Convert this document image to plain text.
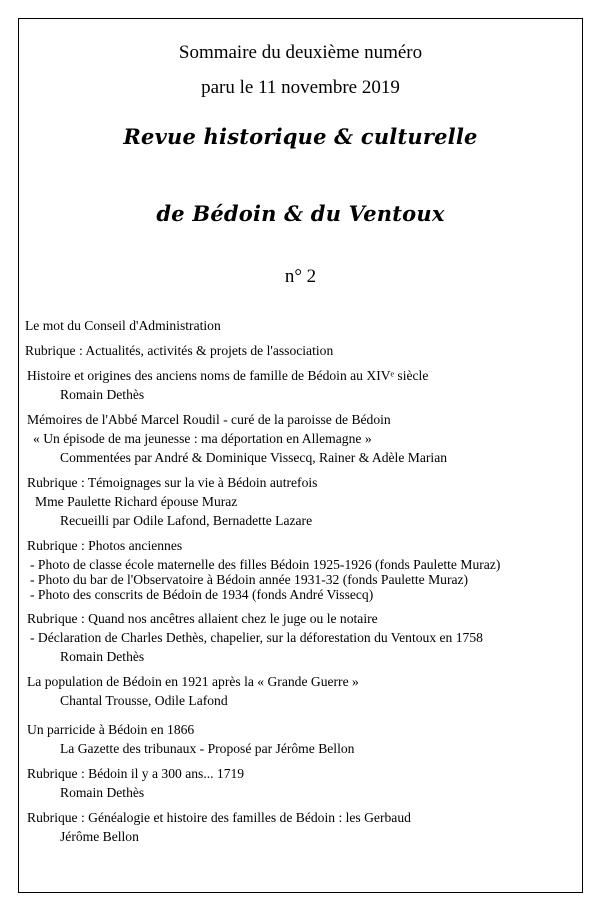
Sommaire du deuxième numéro
paru le 11 novembre 2019
Revue historique & culturelle
de Bédoin & du Ventoux
n° 2
Le mot du Conseil d'Administration
Rubrique : Actualités, activités & projets de l'association
Histoire et origines des anciens noms de famille de Bédoin au XIVᵉ siècle
Romain Dethès
Mémoires de l'Abbé Marcel Roudil - curé de la paroisse de Bédoin
« Un épisode de ma jeunesse : ma déportation en Allemagne »
Commentées par André & Dominique Vissecq, Rainer & Adèle Marian
Rubrique : Témoignages sur la vie à Bédoin autrefois
Mme Paulette Richard épouse Muraz
Recueilli par Odile Lafond, Bernadette Lazare
Rubrique : Photos anciennes
- Photo de classe école maternelle des filles Bédoin 1925-1926 (fonds Paulette Muraz)
- Photo du bar de l'Observatoire à Bédoin année 1931-32 (fonds Paulette Muraz)
- Photo des conscrits de Bédoin de 1934 (fonds André Vissecq)
Rubrique : Quand nos ancêtres allaient chez le juge ou le notaire
- Déclaration de Charles Dethès, chapelier, sur la déforestation du Ventoux en 1758
Romain Dethès
La population de Bédoin en 1921 après la « Grande Guerre »
Chantal Trousse, Odile Lafond
Un parricide à Bédoin en 1866
La Gazette des tribunaux - Proposé par Jérôme Bellon
Rubrique : Bédoin il y a 300 ans... 1719
Romain Dethès
Rubrique : Généalogie et histoire des familles de Bédoin : les Gerbaud
Jérôme Bellon
